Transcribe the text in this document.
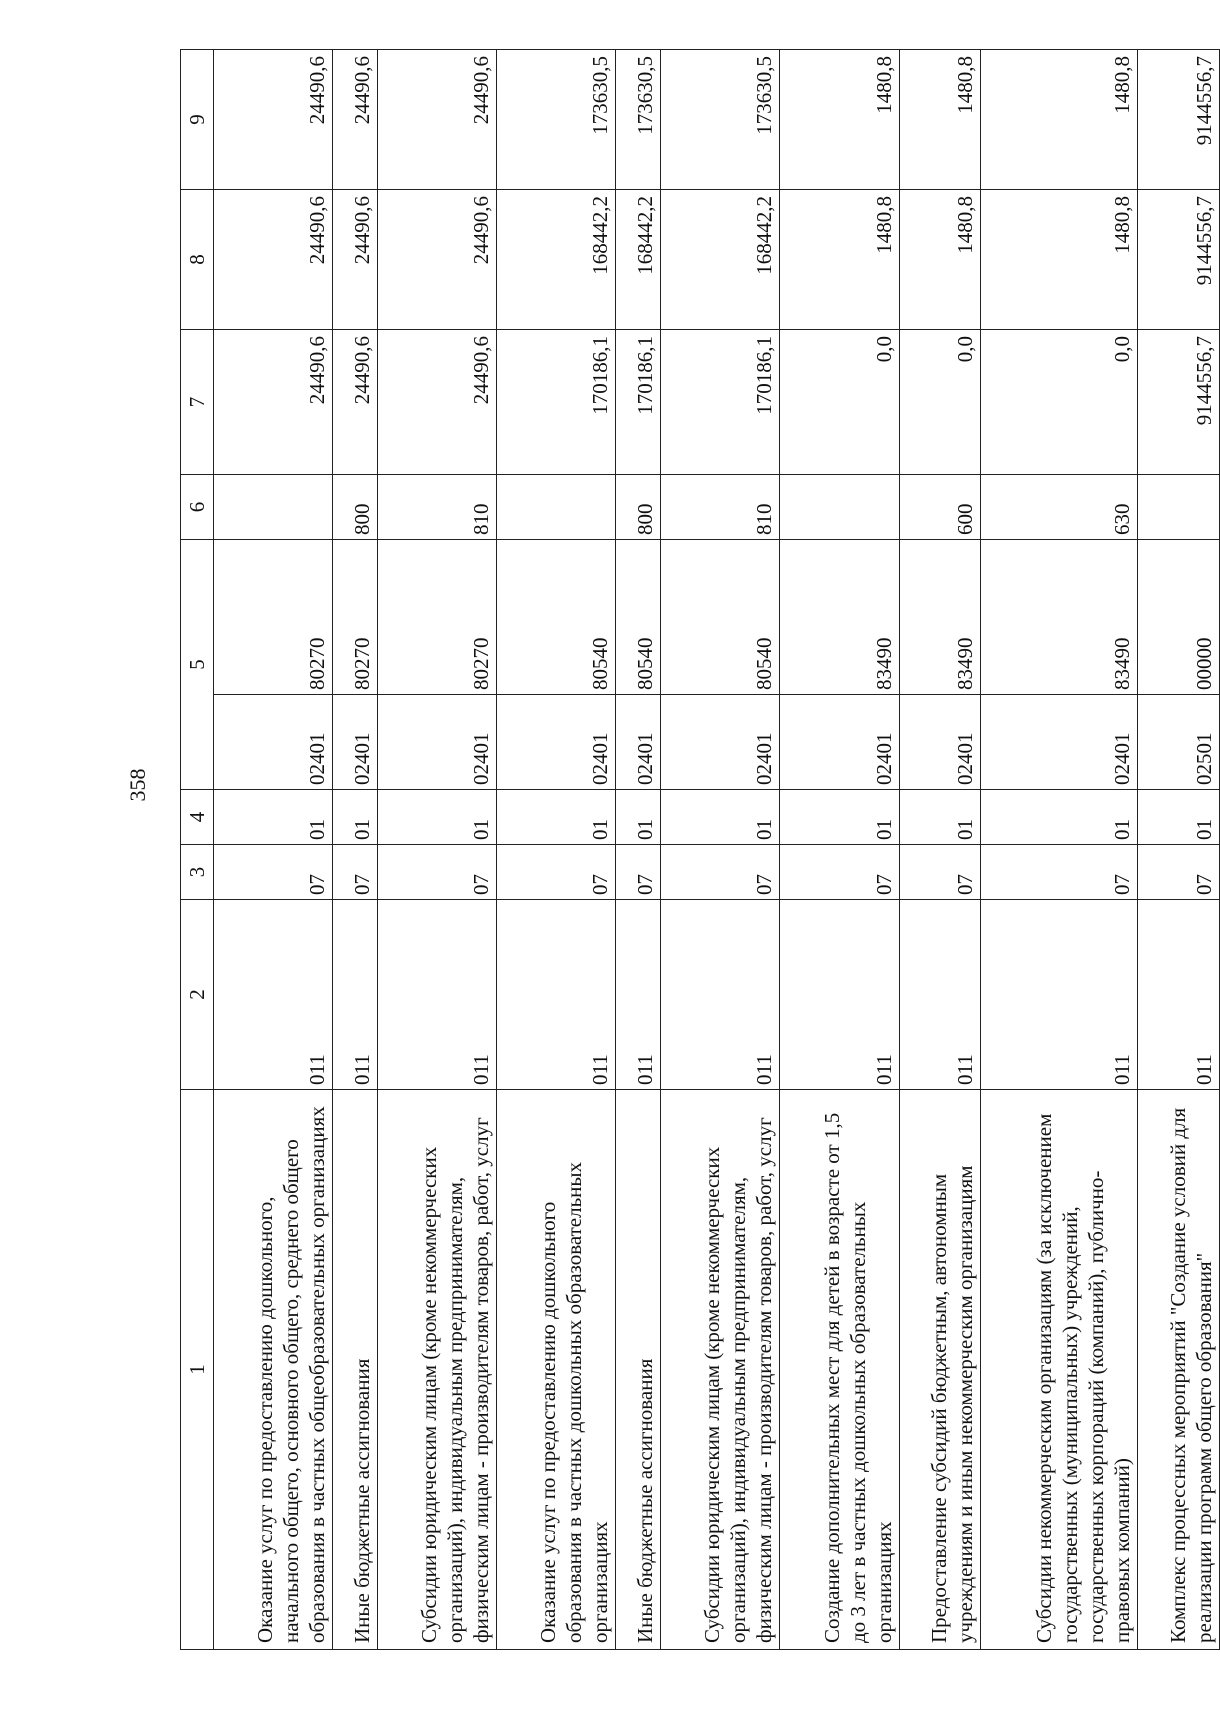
358
1	2	3	4	5		6	7	8	9
Оказание услуг по предоставлению дошкольного, начального общего, основного общего, среднего общего образования в частных общеобразовательных организациях	011	07	01	02401	80270		24490,6	24490,6	24490,6
Иные бюджетные ассигнования	011	07	01	02401	80270	800	24490,6	24490,6	24490,6
Субсидии юридическим лицам (кроме некоммерческих организаций), индивидуальным предпринимателям, физическим лицам - производителям товаров, работ, услуг	011	07	01	02401	80270	810	24490,6	24490,6	24490,6
Оказание услуг по предоставлению дошкольного образования в частных дошкольных образовательных организациях	011	07	01	02401	80540		170186,1	168442,2	173630,5
Иные бюджетные ассигнования	011	07	01	02401	80540	800	170186,1	168442,2	173630,5
Субсидии юридическим лицам (кроме некоммерческих организаций), индивидуальным предпринимателям, физическим лицам - производителям товаров, работ, услуг	011	07	01	02401	80540	810	170186,1	168442,2	173630,5
Создание дополнительных мест для детей в возрасте от 1,5 до 3 лет в частных дошкольных образовательных организациях	011	07	01	02401	83490		0,0	1480,8	1480,8
Предоставление субсидий бюджетным, автономным учреждениям и иным некоммерческим организациям	011	07	01	02401	83490	600	0,0	1480,8	1480,8
Субсидии некоммерческим организациям (за исключением государственных (муниципальных) учреждений, государственных корпораций (компаний), публично-правовых компаний)	011	07	01	02401	83490	630	0,0	1480,8	1480,8
Комплекс процессных мероприятий "Создание условий для реализации программ общего образования"	011	07	01	02501	00000		9144556,7	9144556,7	9144556,7
